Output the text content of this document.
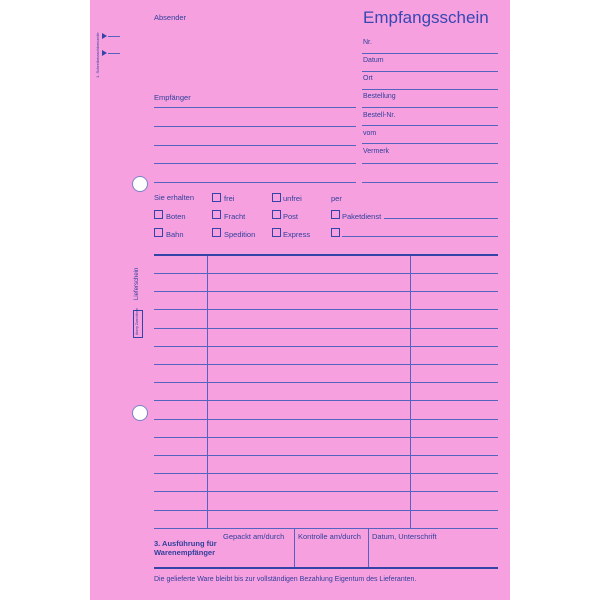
1. Schreibmaschinenzeile
Lieferschein
Avery Zweckform
Absender	Empfangsschein
Nr.
Datum
Ort
Bestellung
Bestell-Nr.
vom
Vermerk
Empfänger
Sie erhalten	frei	unfrei	per
Boten	Fracht	Post	Paketdienst
Bahn	Spedition	Express
3. Ausführung für
Warenempfänger
Gepackt am/durch Kontrolle am/durch Datum, Unterschrift
Die gelieferte Ware bleibt bis zur vollständigen Bezahlung Eigentum des Lieferanten.
